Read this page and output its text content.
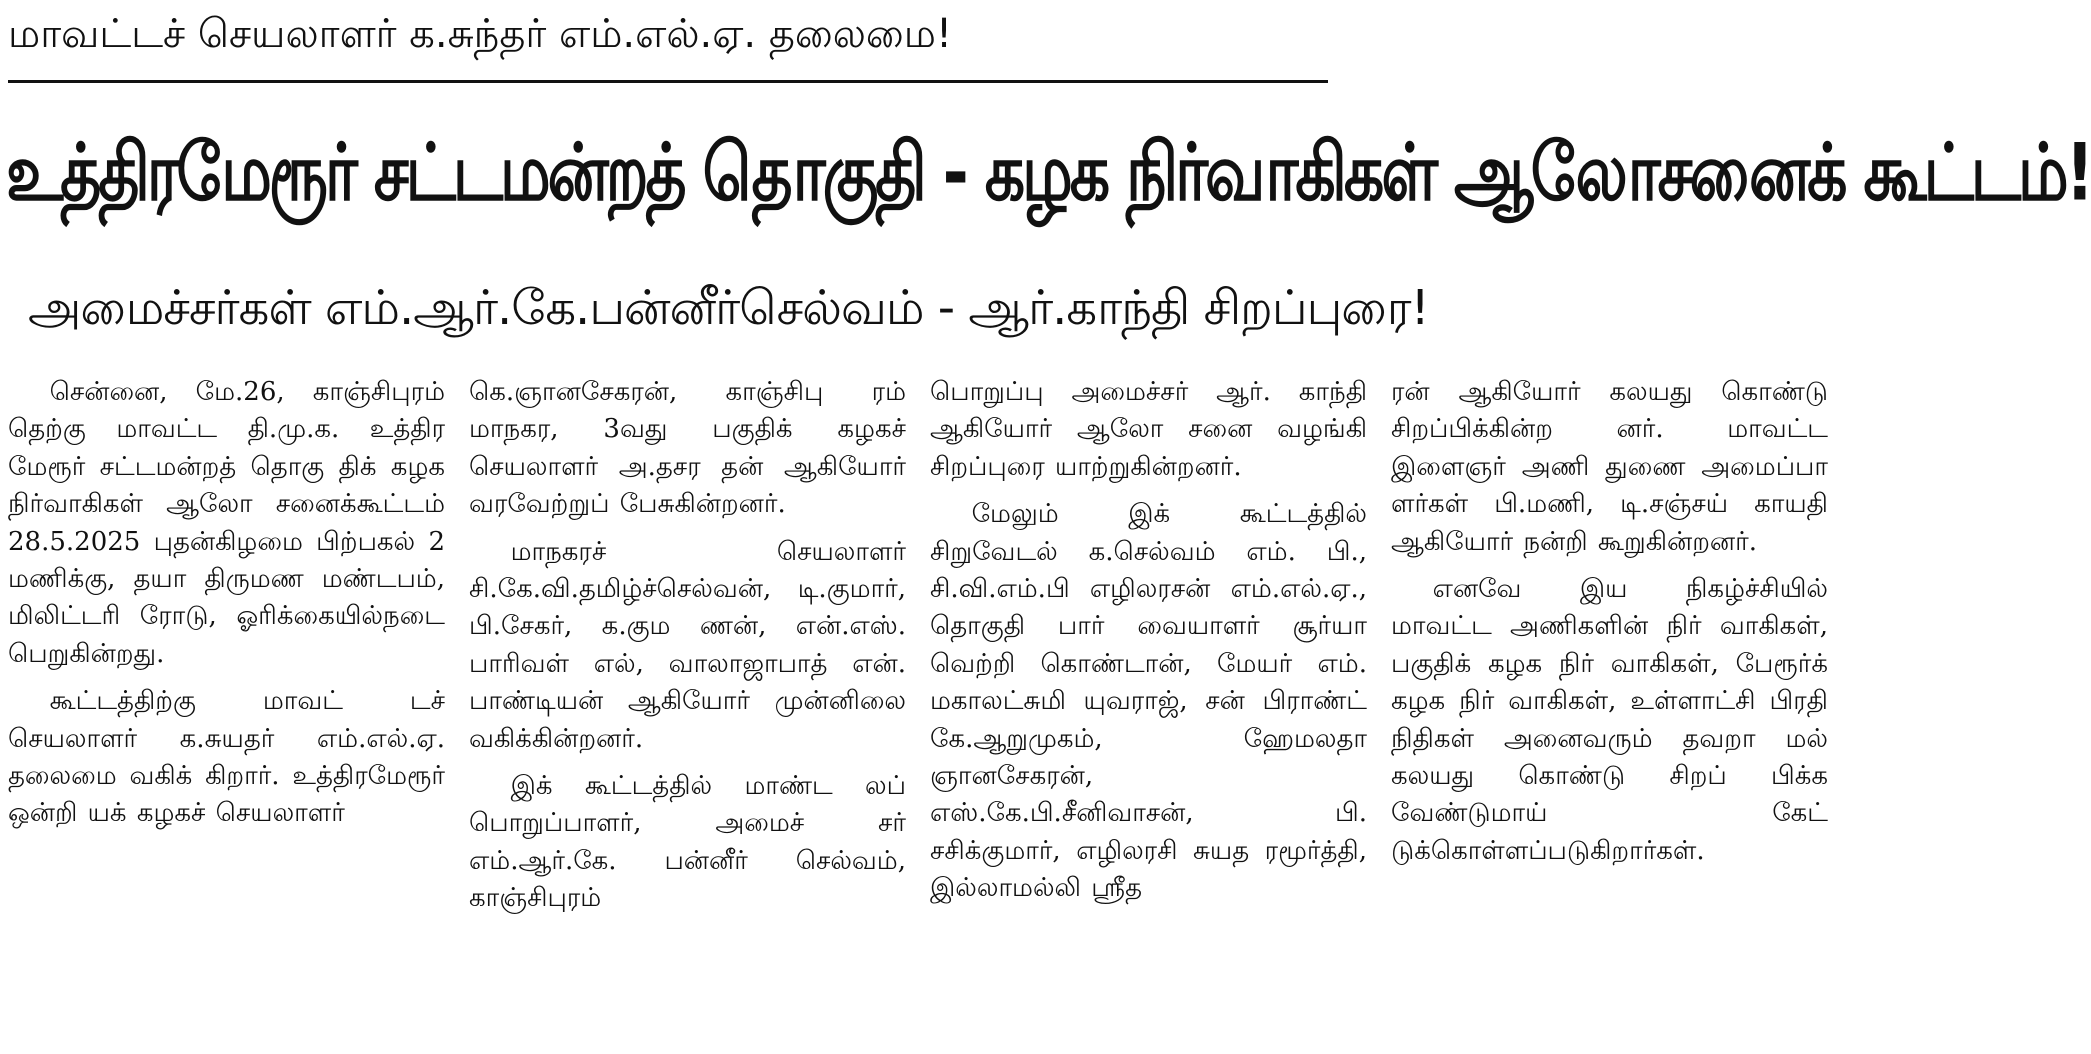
மாவட்டச் செயலாளர் க.சுந்தர் எம்.எல்.ஏ. தலைமை!
உத்திரமேரூர் சட்டமன்றத் தொகுதி - கழக நிர்வாகிகள் ஆலோசனைக் கூட்டம்!
அமைச்சர்கள் எம்.ஆர்.கே.பன்னீர்செல்வம் - ஆர்.காந்தி சிறப்புரை!

சென்னை, மே.26, காஞ்சிபுரம் தெற்கு மாவட்ட தி.மு.க. உத்திர மேரூர் சட்டமன்றத் தொகு திக் கழக நிர்வாகிகள் ஆலோ சனைக்கூட்டம் 28.5.2025 புதன்கிழமை பிற்பகல் 2 மணிக்கு, தயா திருமண மண்டபம், மிலிட்டரி ரோடு, ஓரிக்கையில்நடை பெறுகின்றது.

கூட்டத்திற்கு மாவட் டச் செயலாளர் க.சுயதர் எம்.எல்.ஏ. தலைமை வகிக் கிறார். உத்திரமேரூர் ஒன்றி யக் கழகச் செயலாளர்

கெ.ஞானசேகரன், காஞ்சிபு ரம் மாநகர, 3வது பகுதிக் கழகச் செயலாளர் அ.தசர தன் ஆகியோர் வரவேற்றுப் பேசுகின்றனர்.

மாநகரச் செயலாளர் சி.கே.வி.தமிழ்ச்செல்வன், டி.குமார், பி.சேகர், க.கும ணன், என்.எஸ். பாரிவள் எல், வாலாஜாபாத் என். பாண்டியன் ஆகியோர் முன்னிலை வகிக்கின்றனர்.

இக் கூட்டத்தில் மாண்ட லப் பொறுப்பாளர், அமைச் சர் எம்.ஆர்.கே. பன்னீர் செல்வம், காஞ்சிபுரம்

பொறுப்பு அமைச்சர் ஆர். காந்தி ஆகியோர் ஆலோ சனை வழங்கி சிறப்புரை யாற்றுகின்றனர்.

மேலும் இக் கூட்டத்தில் சிறுவேடல் க.செல்வம் எம். பி., சி.வி.எம்.பி எழிலரசன் எம்.எல்.ஏ., தொகுதி பார் வையாளர் சூர்யா வெற்றி கொண்டான், மேயர் எம். மகாலட்சுமி யுவராஜ், சன் பிராண்ட் கே.ஆறுமுகம், ஹேமலதா ஞானசேகரன், எஸ்.கே.பி.சீனிவாசன், பி. சசிக்குமார், எழிலரசி சுயத ரமூர்த்தி, இல்லாமல்லி ஸ்ரீத

ரன் ஆகியோர் கலயது கொண்டு சிறப்பிக்கின்ற னர். மாவட்ட இளைஞர் அணி துணை அமைப்பா ளர்கள் பி.மணி, டி.சஞ்சய் காயதி ஆகியோர் நன்றி கூறுகின்றனர்.

எனவே இய நிகழ்ச்சியில் மாவட்ட அணிகளின் நிர் வாகிகள், பகுதிக் கழக நிர் வாகிகள், பேரூர்க் கழக நிர் வாகிகள், உள்ளாட்சி பிரதி நிதிகள் அனைவரும் தவறா மல் கலயது கொண்டு சிறப் பிக்க வேண்டுமாய் கேட் டுக்கொள்ளப்படுகிறார்கள்.
